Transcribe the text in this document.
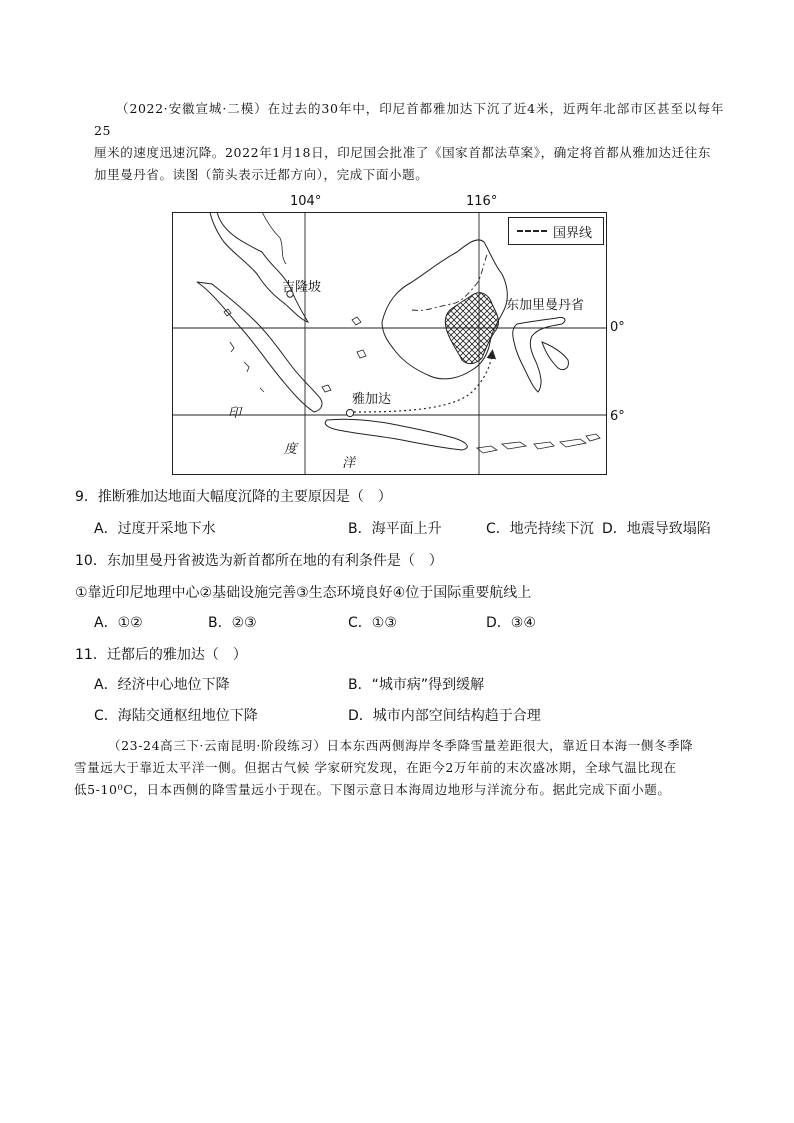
（2022·安徽宣城·二模）在过去的30年中，印尼首都雅加达下沉了近4米，近两年北部市区甚至以每年25
厘米的速度迅速沉降。2022年1月18日，印尼国会批准了《国家首都法草案》，确定将首都从雅加达迁往东
加里曼丹省。读图（箭头表示迁都方向），完成下面小题。
104°	116°
0°
6°
国界线
吉隆坡
雅加达
东加里曼丹省
印
度
洋
9．推断雅加达地面大幅度沉降的主要原因是（　）
A．过度开采地下水	B．海平面上升	C．地壳持续下沉 D．地震导致塌陷
10．东加里曼丹省被选为新首都所在地的有利条件是（　）
①靠近印尼地理中心②基础设施完善③生态环境良好④位于国际重要航线上
A．①②	B．②③	C．①③	D．③④
11．迁都后的雅加达（　）
A．经济中心地位下降	B．“城市病”得到缓解
C．海陆交通枢纽地位下降	D．城市内部空间结构趋于合理
（23-24高三下·云南昆明·阶段练习）日本东西两侧海岸冬季降雪量差距很大，靠近日本海一侧冬季降
雪量远大于靠近太平洋一侧。但据古气候 学家研究发现，在距今2万年前的末次盛冰期，全球气温比现在
低5-10⁰C，日本西侧的降雪量远小于现在。下图示意日本海周边地形与洋流分布。据此完成下面小题。
